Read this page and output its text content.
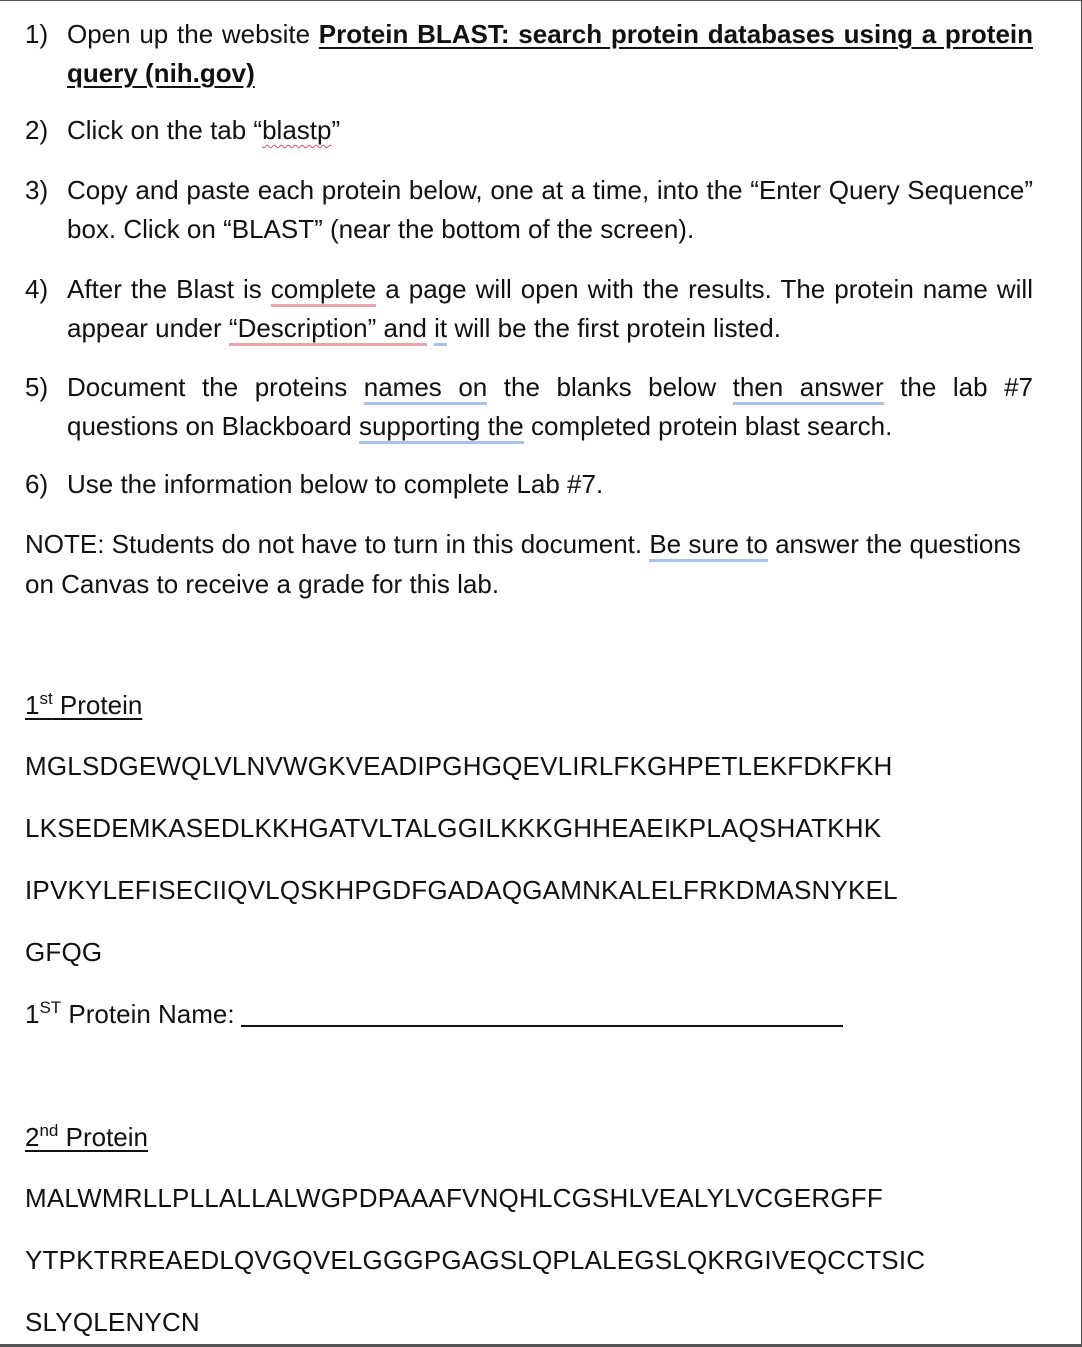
1) Open up the website Protein BLAST: search protein databases using a protein query (nih.gov)
2) Click on the tab “blastp”
3) Copy and paste each protein below, one at a time, into the “Enter Query Sequence” box. Click on “BLAST” (near the bottom of the screen).
4) After the Blast is complete a page will open with the results. The protein name will appear under “Description” and it will be the first protein listed.
5) Document the proteins names on the blanks below then answer the lab #7 questions on Blackboard supporting the completed protein blast search.
6) Use the information below to complete Lab #7.
NOTE: Students do not have to turn in this document. Be sure to answer the questions on Canvas to receive a grade for this lab.
1st Protein
MGLSDGEWQLVLNVWGKVEADIPGHGQEVLIRLFKGHPETLEKFDKFKH
LKSEDEMKASEDLKKHGATVLTALGGILKKKGHHEAEIKPLAQSHATKHK
IPVKYLEFISECIIQVLQSKHPGDFGADAQGAMNKALELFRKDMASNYKEL
GFQG
1ST Protein Name:
2nd Protein
MALWMRLLPLLALLALWGPDPAAAFVNQHLCGSHLVEALYLVCGERGFF
YTPKTRREAEDLQVGQVELGGGPGAGSLQPLALEGSLQKRGIVEQCCTSIC
SLYQLENYCN
